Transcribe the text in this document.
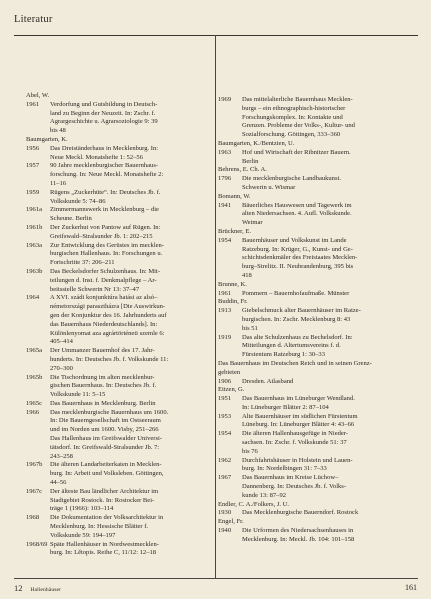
Literatur
Abel, W.
1961	Verdorfung und Gutsbildung in Deutsch-
land zu Beginn der Neuzeit. In: Zschr. f.
Agrargeschichte u. Agrarsoziologie 9: 39
bis 48
Baumgarten, K.
1956	Das Dreiständerhaus in Mecklenburg. In:
Neue Meckl. Monatshefte 1: 52–56
1957	90 Jahre mecklenburgischer Bauernhaus-
forschung. In: Neue Meckl. Monatshefte 2:
11–16
1959	Rügens „Zuckerhüte“. In: Deutsches Jb. f.
Volkskunde 5: 74–86
1961a	Zimmermannswerk in Mecklenburg – die
Scheune. Berlin
1961b	Der Zuckerhut von Pantow auf Rügen. In:
Greifswald–Stralsunder Jb. 1: 202–215
1963a	Zur Entwicklung des Gerüstes im mecklen-
burgischen Hallenhaus. In: Forschungen u.
Fortschritte 37: 206–211
1963b	Das Beckelsdorfer Schulzenhaus. In: Mit-
teilungen d. Inst. f. Denkmalpflege – Ar-
beitsstelle Schwerin Nr 13: 37–47
1964	A XVI. szádi konjunktúra hatási az alsó–
németországi parasztházra [Die Auswirkun-
gen der Konjunktur des 16. Jahrhunderts auf
das Bauernhaus Niederdeutschlands]. In:
Különlenyomat aza agrártörténeti szemle 6:
405–414
1965a	Der Ummanzer Bauernhof des 17. Jahr-
hunderts. In: Deutsches Jb. f. Volkskunde 11:
270–300
1965b	Die Tischordnung im alten mecklenbur-
gischen Bauernhaus. In: Deutsches Jb. f.
Volkskunde 11: 5–15
1965c	Das Bauernhaus in Mecklenburg. Berlin
1966	Das mecklenburgische Bauernhaus um 1600.
In: Die Bauerngesellschaft im Ostseeraum
und im Norden um 1600. Visby, 251–266
Das Hallenhaus im Greifswalder Universi-
tätsdorf. In: Greifswald-Stralsunder Jb. 7:
243–258
1967b	Die älteren Landarbeiterkaten in Mecklen-
burg. In: Arbeit und Volksleben. Göttingen,
44–56
1967c	Der älteste Bau ländlicher Architektur im
Stadtgebiet Rostock. In: Rostocker Bei-
träge 1 (1966): 103–114
1968	Die Dokumentation der Volksarchitektur in
Mecklenburg. In: Hessische Blätter f.
Volkskunde 59: 194–197
1968/69 Späte Hallenhäuser in Nordwestmecklen-
burg. In: Lětopis. Reihe C, 11/12: 12–18
1969	Das mittelalterliche Bauernhaus Mecklen-
burgs – ein ethnographisch-historischer
Forschungskomplex. In: Kontakte und
Grenzen. Probleme der Volks-, Kultur- und
Sozialforschung. Göttingen, 333–360
Baumgarten, K./Bentzien, U.
1963	Hof und Wirtschaft der Ribnitzer Bauern.
Berlin
Behrens, E. Ch. A.
1796	Die mecklenburgische Landbaukunst.
Schwerin u. Wismar
Bomann, W.
1941	Bäuerliches Hauswesen und Tagewerk im
alten Niedersachsen. 4. Aufl. Volkskunde.
Weimar
Brückner, E.
1954	Bauernhäuser und Volkskunst im Lande
Ratzeburg. In: Krüger, G., Kunst- und Ge-
schichtsdenkmäler des Freistaates Mecklen-
burg–Strelitz. II. Neubrandenburg, 395 bis
418
Brunne, K.
1961	Pommern – Bauernhofaufmaße. Münster
Buddin, Fr.
1913	Giebelschmuck alter Bauernhäuser im Ratze-
burgischen. In: Zschr. Mecklenburg 8: 43
bis 51
1919	Das alte Schulzenhaus zu Bechelsdorf. In:
Mitteilungen d. Altertumsvereins f. d.
Fürstentum Ratzeburg 1: 30–33
Das Bauernhaus im Deutschen Reich und in seinen Grenz-
gebieten
1906	Dresden. Atlasband
Eitzen, G.
1951	Das Bauernhaus im Lüneburger Wendland.
In: Lüneburger Blätter 2: 87–104
1953	Alte Bauernhäuser im südlichen Fürstentum
Lüneburg. In: Lüneburger Blätter 4: 43–66
1954	Die älteren Hallenhausgefüge in Nieder-
sachsen. In: Zschr. f. Volkskunde 51: 37
bis 76
1962	Durchfahrtshäuser in Holstein und Lauen-
burg. In: Nordelbingen 31: 7–33
1967	Das Bauernhaus im Kreise Lüchow–
Dannenberg. In: Deutsches Jb. f. Volks-
kunde 13: 87–92
Endler, C. A./Folkers, J. U.
1930	Das Mecklenburgische Bauerndorf. Rostock
Engel, Fr.
1940	Die Urformen des Niedersachsenhauses in
Mecklenburg. In: Meckl. Jb. 104: 101–158
12 Hallenhäuser	161
